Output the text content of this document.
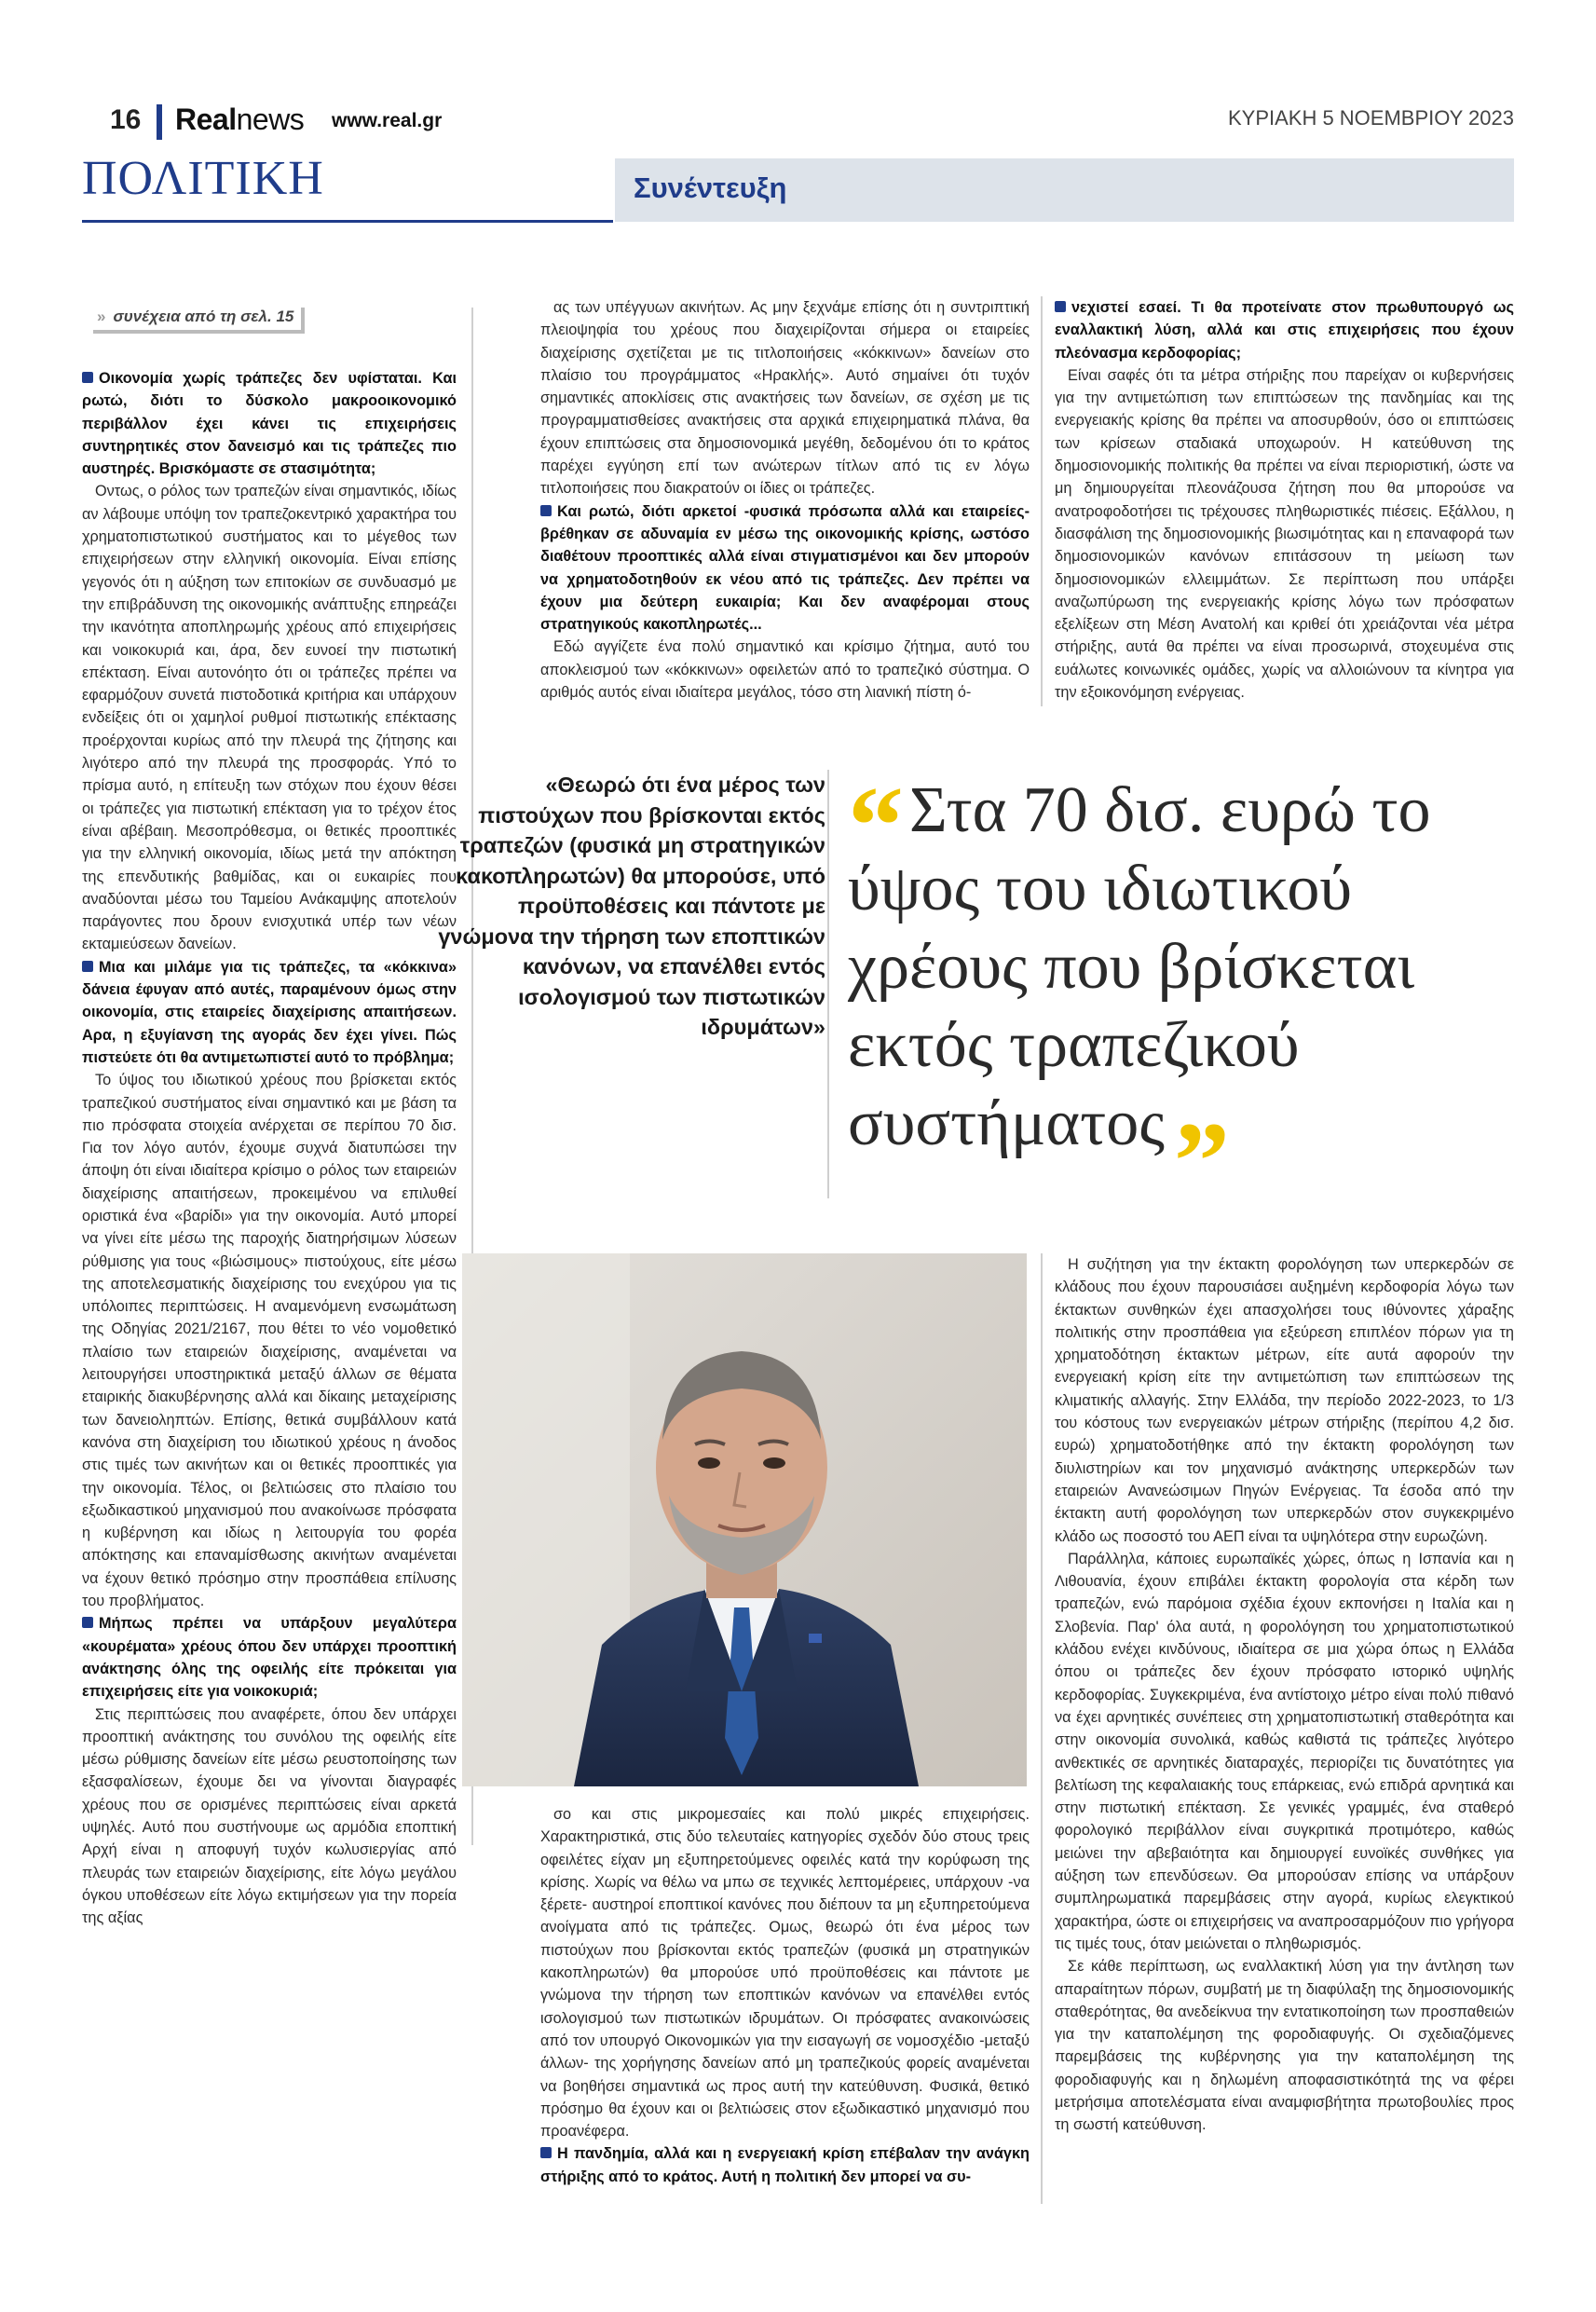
16 Realnews www.real.gr	ΚΥΡΙΑΚΗ 5 ΝΟΕΜΒΡΙΟΥ 2023
ΠΟΛΙΤΙΚΗ	Συνέντευξη
» συνέχεια από τη σελ. 15

Οικονομία χωρίς τράπεζες δεν υφίσταται. Και ρωτώ, διότι το δύσκολο μακροοικονομικό περιβάλλον έχει κάνει τις επιχειρήσεις συντηρητικές στον δανεισμό και τις τράπεζες πιο αυστηρές. Βρισκόμαστε σε στασιμότητα;

Οντως, ο ρόλος των τραπεζών είναι σημαντικός, ιδίως αν λάβουμε υπόψη τον τραπεζοκεντρικό χαρακτήρα του χρηματοπιστωτικού συστήματος και το μέγεθος των επιχειρήσεων στην ελληνική οικονομία. Είναι επίσης γεγονός ότι η αύξηση των επιτοκίων σε συνδυασμό με την επιβράδυνση της οικονομικής ανάπτυξης επηρεάζει την ικανότητα αποπληρωμής χρέους από επιχειρήσεις και νοικοκυριά και, άρα, δεν ευνοεί την πιστωτική επέκταση. Είναι αυτονόητο ότι οι τράπεζες πρέπει να εφαρμόζουν συνετά πιστοδοτικά κριτήρια και υπάρχουν ενδείξεις ότι οι χαμηλοί ρυθμοί πιστωτικής επέκτασης προέρχονται κυρίως από την πλευρά της ζήτησης και λιγότερο από την πλευρά της προσφοράς. Υπό το πρίσμα αυτό, η επίτευξη των στόχων που έχουν θέσει οι τράπεζες για πιστωτική επέκταση για το τρέχον έτος είναι αβέβαιη. Μεσοπρόθεσμα, οι θετικές προοπτικές για την ελληνική οικονομία, ιδίως μετά την απόκτηση της επενδυτικής βαθμίδας, και οι ευκαιρίες που αναδύονται μέσω του Ταμείου Ανάκαμψης αποτελούν παράγοντες που δρουν ενισχυτικά υπέρ των νέων εκταμιεύσεων δανείων.

Μια και μιλάμε για τις τράπεζες, τα «κόκκινα» δάνεια έφυγαν από αυτές, παραμένουν όμως στην οικονομία, στις εταιρείες διαχείρισης απαιτήσεων. Αρα, η εξυγίανση της αγοράς δεν έχει γίνει. Πώς πιστεύετε ότι θα αντιμετωπιστεί αυτό το πρόβλημα;

Το ύψος του ιδιωτικού χρέους που βρίσκεται εκτός τραπεζικού συστήματος είναι σημαντικό και με βάση τα πιο πρόσφατα στοιχεία ανέρχεται σε περίπου 70 δισ. Για τον λόγο αυτόν, έχουμε συχνά διατυπώσει την άποψη ότι είναι ιδιαίτερα κρίσιμο ο ρόλος των εταιρειών διαχείρισης απαιτήσεων, προκειμένου να επιλυθεί οριστικά ένα «βαρίδι» για την οικονομία. Αυτό μπορεί να γίνει είτε μέσω της παροχής διατηρήσιμων λύσεων ρύθμισης για τους «βιώσιμους» πιστούχους, είτε μέσω της αποτελεσματικής διαχείρισης του ενεχύρου για τις υπόλοιπες περιπτώσεις. Η αναμενόμενη ενσωμάτωση της Οδηγίας 2021/2167, που θέτει το νέο νομοθετικό πλαίσιο των εταιρειών διαχείρισης, αναμένεται να λειτουργήσει υποστηρικτικά μεταξύ άλλων σε θέματα εταιρικής διακυβέρνησης αλλά και δίκαιης μεταχείρισης των δανειοληπτών. Επίσης, θετικά συμβάλλουν κατά κανόνα στη διαχείριση του ιδιωτικού χρέους η άνοδος στις τιμές των ακινήτων και οι θετικές προοπτικές για την οικονομία. Τέλος, οι βελτιώσεις στο πλαίσιο του εξωδικαστικού μηχανισμού που ανακοίνωσε πρόσφατα η κυβέρνηση και ιδίως η λειτουργία του φορέα απόκτησης και επαναμίσθωσης ακινήτων αναμένεται να έχουν θετικό πρόσημο στην προσπάθεια επίλυσης του προβλήματος.

Μήπως πρέπει να υπάρξουν μεγαλύτερα «κουρέματα» χρέους όπου δεν υπάρχει προοπτική ανάκτησης όλης της οφειλής είτε πρόκειται για επιχειρήσεις είτε για νοικοκυριά;

Στις περιπτώσεις που αναφέρετε, όπου δεν υπάρχει προοπτική ανάκτησης του συνόλου της οφειλής είτε μέσω ρύθμισης δανείων είτε μέσω ρευστοποίησης των εξασφαλίσεων, έχουμε δει να γίνονται διαγραφές χρέους που σε ορισμένες περιπτώσεις είναι αρκετά υψηλές. Αυτό που συστήνουμε ως αρμόδια εποπτική Αρχή είναι η αποφυγή τυχόν κωλυσιεργίας από πλευράς των εταιρειών διαχείρισης, είτε λόγω μεγάλου όγκου υποθέσεων είτε λόγω εκτιμήσεων για την πορεία της αξίας

ας των υπέγγυων ακινήτων. Ας μην ξεχνάμε επίσης ότι η συντριπτική πλειοψηφία του χρέους που διαχειρίζονται σήμερα οι εταιρείες διαχείρισης σχετίζεται με τις τιτλοποιήσεις «κόκκινων» δανείων στο πλαίσιο του προγράμματος «Ηρακλής». Αυτό σημαίνει ότι τυχόν σημαντικές αποκλίσεις στις ανακτήσεις των δανείων, σε σχέση με τις προγραμματισθείσες ανακτήσεις στα αρχικά επιχειρηματικά πλάνα, θα έχουν επιπτώσεις στα δημοσιονομικά μεγέθη, δεδομένου ότι το κράτος παρέχει εγγύηση επί των ανώτερων τίτλων από τις εν λόγω τιτλοποιήσεις που διακρατούν οι ίδιες οι τράπεζες.

Και ρωτώ, διότι αρκετοί -φυσικά πρόσωπα αλλά και εταιρείες- βρέθηκαν σε αδυναμία εν μέσω της οικονομικής κρίσης, ωστόσο διαθέτουν προοπτικές αλλά είναι στιγματισμένοι και δεν μπορούν να χρηματοδοτηθούν εκ νέου από τις τράπεζες. Δεν πρέπει να έχουν μια δεύτερη ευκαιρία; Και δεν αναφέρομαι στους στρατηγικούς κακοπληρωτές...

Εδώ αγγίζετε ένα πολύ σημαντικό και κρίσιμο ζήτημα, αυτό του αποκλεισμού των «κόκκινων» οφειλετών από το τραπεζικό σύστημα. Ο αριθμός αυτός είναι ιδιαίτερα μεγάλος, τόσο στη λιανική πίστη ό-

νεχιστεί εσαεί. Τι θα προτείνατε στον πρωθυπουργό ως εναλλακτική λύση, αλλά και στις επιχειρήσεις που έχουν πλεόνασμα κερδοφορίας;

Είναι σαφές ότι τα μέτρα στήριξης που παρείχαν οι κυβερνήσεις για την αντιμετώπιση των επιπτώσεων της πανδημίας και της ενεργειακής κρίσης θα πρέπει να αποσυρθούν, όσο οι επιπτώσεις των κρίσεων σταδιακά υποχωρούν. Η κατεύθυνση της δημοσιονομικής πολιτικής θα πρέπει να είναι περιοριστική, ώστε να μη δημιουργείται πλεονάζουσα ζήτηση που θα μπορούσε να ανατροφοδοτήσει τις τρέχουσες πληθωριστικές πιέσεις. Εξάλλου, η διασφάλιση της δημοσιονομικής βιωσιμότητας και η επαναφορά των δημοσιονομικών κανόνων επιτάσσουν τη μείωση των δημοσιονομικών ελλειμμάτων. Σε περίπτωση που υπάρξει αναζωπύρωση της ενεργειακής κρίσης λόγω των πρόσφατων εξελίξεων στη Μέση Ανατολή και κριθεί ότι χρειάζονται νέα μέτρα στήριξης, αυτά θα πρέπει να είναι προσωρινά, στοχευμένα στις ευάλωτες κοινωνικές ομάδες, χωρίς να αλλοιώνουν τα κίνητρα για την εξοικονόμηση ενέργειας.

«Θεωρώ ότι ένα μέρος των πιστούχων που βρίσκονται εκτός τραπεζών (φυσικά μη στρατηγικών κακοπληρωτών) θα μπορούσε, υπό προϋποθέσεις και πάντοτε με γνώμονα την τήρηση των εποπτικών κανόνων, να επανέλθει εντός ισολογισμού των πιστωτικών ιδρυμάτων»
“Στα 70 δισ. ευρώ το ύψος του ιδιωτικού χρέους που βρίσκεται εκτός τραπεζικού συστήματος”

σο και στις μικρομεσαίες και πολύ μικρές επιχειρήσεις. Χαρακτηριστικά, στις δύο τελευταίες κατηγορίες σχεδόν δύο στους τρεις οφειλέτες είχαν μη εξυπηρετούμενες οφειλές κατά την κορύφωση της κρίσης. Χωρίς να θέλω να μπω σε τεχνικές λεπτομέρειες, υπάρχουν -να ξέρετε- αυστηροί εποπτικοί κανόνες που διέπουν τα μη εξυπηρετούμενα ανοίγματα από τις τράπεζες. Ομως, θεωρώ ότι ένα μέρος των πιστούχων που βρίσκονται εκτός τραπεζών (φυσικά μη στρατηγικών κακοπληρωτών) θα μπορούσε υπό προϋποθέσεις και πάντοτε με γνώμονα την τήρηση των εποπτικών κανόνων να επανέλθει εντός ισολογισμού των πιστωτικών ιδρυμάτων. Οι πρόσφατες ανακοινώσεις από τον υπουργό Οικονομικών για την εισαγωγή σε νομοσχέδιο -μεταξύ άλλων- της χορήγησης δανείων από μη τραπεζικούς φορείς αναμένεται να βοηθήσει σημαντικά ως προς αυτή την κατεύθυνση. Φυσικά, θετικό πρόσημο θα έχουν και οι βελτιώσεις στον εξωδικαστικό μηχανισμό που προανέφερα.

Η πανδημία, αλλά και η ενεργειακή κρίση επέβαλαν την ανάγκη στήριξης από το κράτος. Αυτή η πολιτική δεν μπορεί να συ-

Η συζήτηση για την έκτακτη φορολόγηση των υπερκερδών σε κλάδους που έχουν παρουσιάσει αυξημένη κερδοφορία λόγω των έκτακτων συνθηκών έχει απασχολήσει τους ιθύνοντες χάραξης πολιτικής στην προσπάθεια για εξεύρεση επιπλέον πόρων για τη χρηματοδότηση έκτακτων μέτρων, είτε αυτά αφορούν την ενεργειακή κρίση είτε την αντιμετώπιση των επιπτώσεων της κλιματικής αλλαγής. Στην Ελλάδα, την περίοδο 2022-2023, το 1/3 του κόστους των ενεργειακών μέτρων στήριξης (περίπου 4,2 δισ. ευρώ) χρηματοδοτήθηκε από την έκτακτη φορολόγηση των διυλιστηρίων και τον μηχανισμό ανάκτησης υπερκερδών των εταιρειών Ανανεώσιμων Πηγών Ενέργειας. Τα έσοδα από την έκτακτη αυτή φορολόγηση των υπερκερδών στον συγκεκριμένο κλάδο ως ποσοστό του ΑΕΠ είναι τα υψηλότερα στην ευρωζώνη.

Παράλληλα, κάποιες ευρωπαϊκές χώρες, όπως η Ισπανία και η Λιθουανία, έχουν επιβάλει έκτακτη φορολογία στα κέρδη των τραπεζών, ενώ παρόμοια σχέδια έχουν εκπονήσει η Ιταλία και η Σλοβενία. Παρ' όλα αυτά, η φορολόγηση του χρηματοπιστωτικού κλάδου ενέχει κινδύνους, ιδιαίτερα σε μια χώρα όπως η Ελλάδα όπου οι τράπεζες δεν έχουν πρόσφατο ιστορικό υψηλής κερδοφορίας. Συγκεκριμένα, ένα αντίστοιχο μέτρο είναι πολύ πιθανό να έχει αρνητικές συνέπειες στη χρηματοπιστωτική σταθερότητα και στην οικονομία συνολικά, καθώς καθιστά τις τράπεζες λιγότερο ανθεκτικές σε αρνητικές διαταραχές, περιορίζει τις δυνατότητες για βελτίωση της κεφαλαιακής τους επάρκειας, ενώ επιδρά αρνητικά και στην πιστωτική επέκταση. Σε γενικές γραμμές, ένα σταθερό φορολογικό περιβάλλον είναι συγκριτικά προτιμότερο, καθώς μειώνει την αβεβαιότητα και δημιουργεί ευνοϊκές συνθήκες για αύξηση των επενδύσεων. Θα μπορούσαν επίσης να υπάρξουν συμπληρωματικά παρεμβάσεις στην αγορά, κυρίως ελεγκτικού χαρακτήρα, ώστε οι επιχειρήσεις να αναπροσαρμόζουν πιο γρήγορα τις τιμές τους, όταν μειώνεται ο πληθωρισμός.

Σε κάθε περίπτωση, ως εναλλακτική λύση για την άντληση των απαραίτητων πόρων, συμβατή με τη διαφύλαξη της δημοσιονομικής σταθερότητας, θα ανεδείκνυα την εντατικοποίηση των προσπαθειών για την καταπολέμηση της φοροδιαφυγής. Οι σχεδιαζόμενες παρεμβάσεις της κυβέρνησης για την καταπολέμηση της φοροδιαφυγής και η δηλωμένη αποφασιστικότητά της να φέρει μετρήσιμα αποτελέσματα είναι αναμφισβήτητα πρωτοβουλίες προς τη σωστή κατεύθυνση.
